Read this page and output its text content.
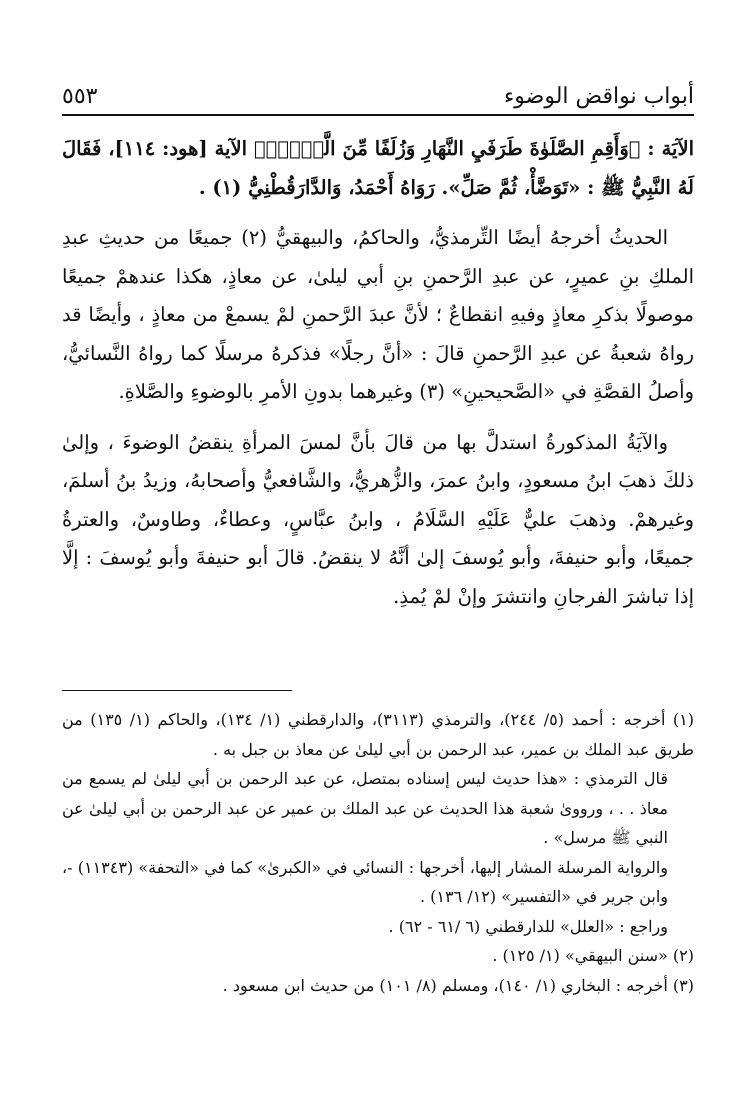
أبواب نواقض الوضوء
٥٥٣

الآيَة : ﴿وَأَقِمِ الصَّلَوٰةَ طَرَفَيِ النَّهَارِ وَزُلَفًا مِّنَ الَّيۡلِۚ﴾ الآية [هود: ١١٤]، فَقَالَ لَهُ النَّبِيُّ ﷺ : «تَوَضَّأْ، ثُمَّ صَلِّ». رَوَاهُ أَحْمَدُ، وَالدَّارَقُطْنِيُّ (١) .

الحديثُ أخرجهُ أيضًا التِّرمذيُّ، والحاكمُ، والبيهقيُّ (٢) جميعًا من حديثِ عبدِ الملكِ بنِ عميرٍ، عن عبدِ الرَّحمنِ بنِ أبي ليلىٰ، عن معاذٍ، هكذا عندهمْ جميعًا موصولًا بذكرِ معاذٍ وفيهِ انقطاعٌ ؛ لأنَّ عبدَ الرَّحمنِ لمْ يسمعْ من معاذٍ ، وأيضًا قد رواهُ شعبةُ عن عبدِ الرَّحمنِ قالَ : «أنَّ رجلًا» فذكرهُ مرسلًا كما رواهُ النَّسائيُّ، وأصلُ القصَّةِ في «الصَّحيحينِ» (٣) وغيرهما بدونِ الأمرِ بالوضوءِ والصَّلاةِ.

والآيَةُ المذكورةُ استدلَّ بها من قالَ بأنَّ لمسَ المرأةِ ينقضُ الوضوءَ ، وإلىٰ ذلكَ ذهبَ ابنُ مسعودٍ، وابنُ عمرَ، والزُّهريُّ، والشَّافعيُّ وأصحابهُ، وزيدُ بنُ أسلمَ، وغيرهمْ. وذهبَ عليٌّ عَلَيْهِ السَّلَامُ ، وابنُ عبَّاسٍ، وعطاءٌ، وطاوسٌ، والعترةُ جميعًا، وأبو حنيفةَ، وأبو يُوسفَ إلىٰ أنَّهُ لا ينقضُ. قالَ أبو حنيفةَ وأبو يُوسفَ : إلَّا إذا تباشرَ الفرجانِ وانتشرَ وإنْ لمْ يُمذِ.

(١) أخرجه : أحمد (٥/ ٢٤٤)، والترمذي (٣١١٣)، والدارقطني (١/ ١٣٤)، والحاكم (١/ ١٣٥) من طريق عبد الملك بن عمير، عبد الرحمن بن أبي ليلىٰ عن معاذ بن جبل به .

قال الترمذي : «هذا حديث ليس إسناده بمتصل، عن عبد الرحمن بن أبي ليلىٰ لم يسمع من معاذ . . ، ورووىٰ شعبة هذا الحديث عن عبد الملك بن عمير عن عبد الرحمن بن أبي ليلىٰ عن النبي ﷺ مرسل» .

والرواية المرسلة المشار إليها، أخرجها : النسائي في «الكبرىٰ» كما في «التحفة» (١١٣٤٣) -، وابن جرير في «التفسير» (١٢/ ١٣٦) .

وراجع : «العلل» للدارقطني (٦ /٦١ - ٦٢) .

(٢) «سنن البيهقي» (١/ ١٢٥) .

(٣) أخرجه : البخاري (١/ ١٤٠)، ومسلم (٨/ ١٠١) من حديث ابن مسعود .
